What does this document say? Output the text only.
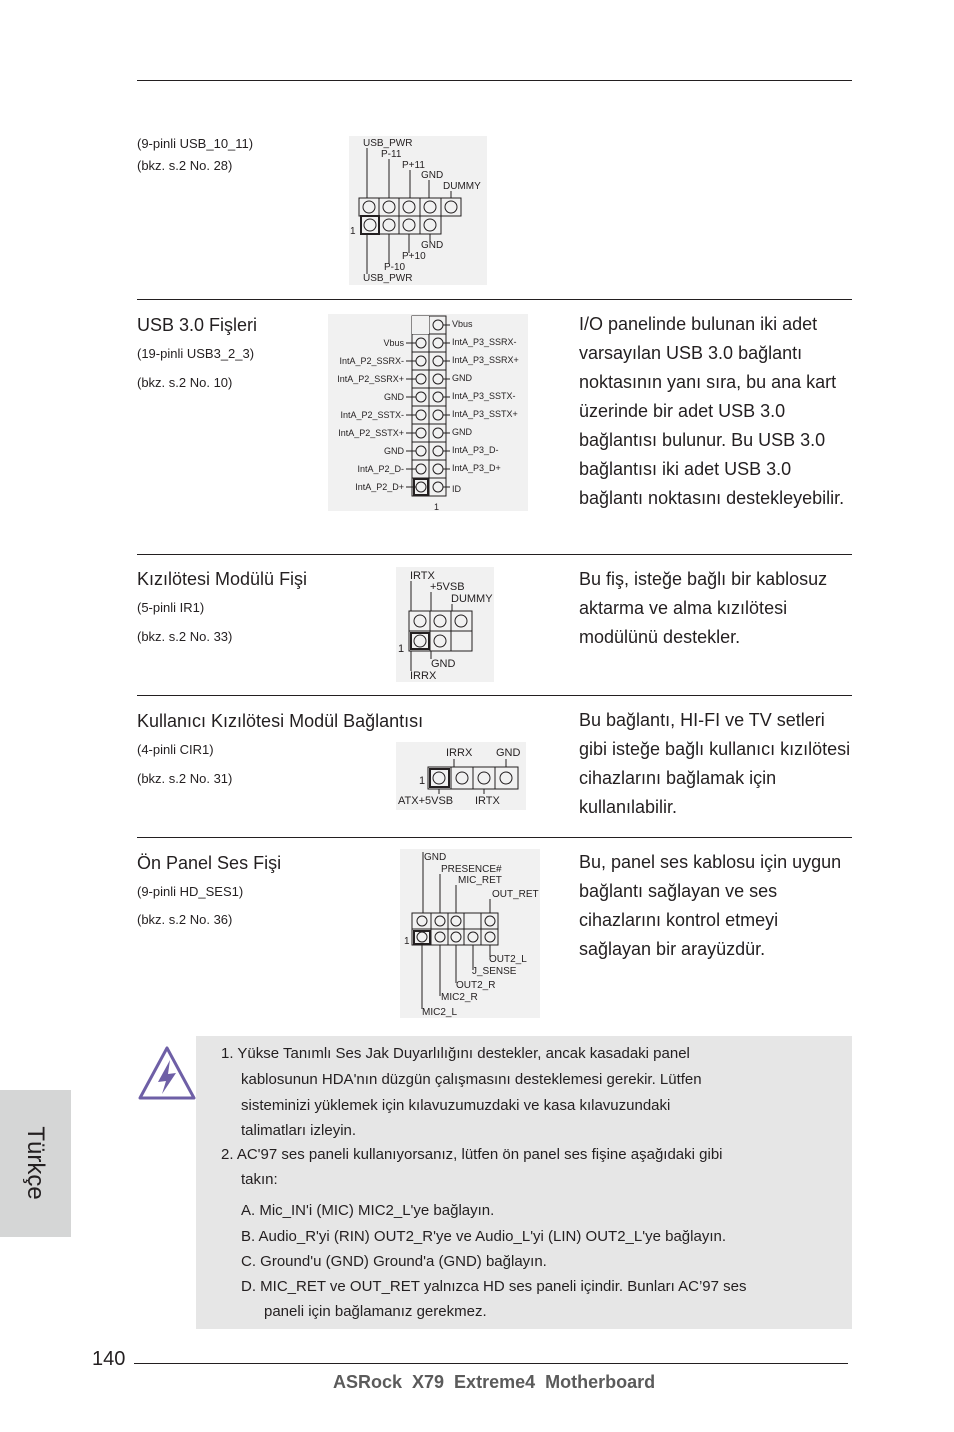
(9-pinli USB_10_11)
(bkz. s.2 No. 28)
USB_PWR
P-11
P+11
GND
DUMMY
1
GND
P+10
P-10
USB_PWR
USB 3.0 Fişleri
(19-pinli USB3_2_3)
(bkz. s.2 No. 10)
Vbus
IntA_P2_SSRX-
IntA_P2_SSRX+
GND
IntA_P2_SSTX-
IntA_P2_SSTX+
GND
IntA_P2_D-
IntA_P2_D+
Vbus
IntA_P3_SSRX-
IntA_P3_SSRX+
GND
IntA_P3_SSTX-
IntA_P3_SSTX+
GND
IntA_P3_D-
IntA_P3_D+
ID
1
I/O panelinde bulunan iki adet varsayılan USB 3.0 bağlantı noktasının yanı sıra, bu ana kart üzerinde bir adet USB 3.0 bağlantısı bulunur. Bu USB 3.0 bağlantısı iki adet USB 3.0 bağlantı noktasını destekleyebilir.
Kızılötesi Modülü Fişi
(5-pinli IR1)
(bkz. s.2 No. 33)
IRTX
+5VSB
DUMMY
GND
IRRX
1
Bu fiş, isteğe bağlı bir kablosuz aktarma ve alma kızılötesi modülünü destekler.
Kullanıcı Kızılötesi Modül Bağlantısı
(4-pinli CIR1)
(bkz. s.2 No. 31)
IRRX GND
ATX+5VSB IRTX
1
Bu bağlantı, HI-FI ve TV setleri gibi isteğe bağlı kullanıcı kızılötesi cihazlarını bağlamak için kullanılabilir.
Ön Panel Ses Fişi
(9-pinli HD_SES1)
(bkz. s.2 No. 36)
GND
PRESENCE#
MIC_RET
OUT_RET
OUT2_L
J_SENSE
OUT2_R
MIC2_R
MIC2_L
1
Bu, panel ses kablosu için uygun bağlantı sağlayan ve ses cihazlarını kontrol etmeyi sağlayan bir arayüzdür.
1. Yükse Tanımlı Ses Jak Duyarlılığını destekler, ancak kasadaki panel
kablosunun HDA'nın düzgün çalışmasını desteklemesi gerekir. Lütfen
sisteminizi yüklemek için kılavuzumuzdaki ve kasa kılavuzundaki
talimatları izleyin.
2. AC'97 ses paneli kullanıyorsanız, lütfen ön panel ses fişine aşağıdaki gibi
takın:
A. Mic_IN'i (MIC) MIC2_L'ye bağlayın.
B. Audio_R'yi (RIN) OUT2_R'ye ve Audio_L'yi (LIN) OUT2_L'ye bağlayın.
C. Ground'u (GND) Ground'a (GND) bağlayın.
D. MIC_RET ve OUT_RET yalnızca HD ses paneli içindir. Bunları AC’97 ses
paneli için bağlamanız gerekmez.
Türkçe
140
ASRock  X79  Extreme4  Motherboard
